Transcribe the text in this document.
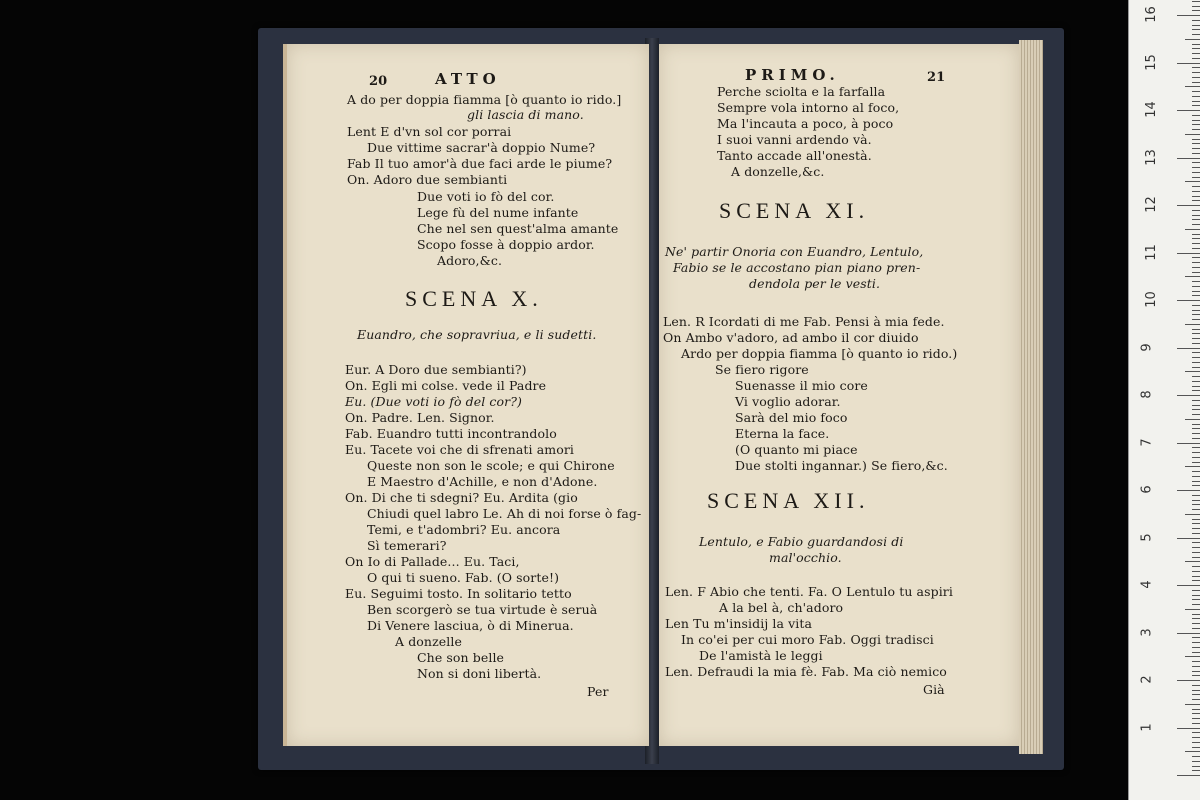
20	ATTO
A do per doppia fiamma [ò quanto io rido.]
gli lascia di mano.
Lent E d'vn sol cor porrai
Due vittime sacrar'à doppio Nume?
Fab Il tuo amor'à due faci arde le piume?
On. Adoro due sembianti
Due voti io fò del cor.
Lege fù del nume infante
Che nel sen quest'alma amante
Scopo fosse à doppio ardor.
Adoro,&c.
SCENA X.
Euandro, che sopravriua, e li sudetti.
Eur. A Doro due sembianti?)
On. Egli mi colse. vede il Padre
Eu. (Due voti io fò del cor?)
On. Padre. Len. Signor.
Fab. Euandro tutti incontrandolo
Eu. Tacete voi che di sfrenati amori
Queste non son le scole; e qui Chirone
E Maestro d'Achille, e non d'Adone.
On. Di che ti sdegni? Eu. Ardita (gio
Chiudi quel labro Le. Ah di noi forse ò fag-
Temi, e t'adombri? Eu. ancora
Sì temerari?
On Io di Pallade... Eu. Taci,
O qui ti sueno. Fab. (O sorte!)
Eu. Seguimi tosto. In solitario tetto
Ben scorgerò se tua virtude è seruà
Di Venere lasciua, ò di Minerua.
A donzelle
Che son belle
Non si doni libertà.
Per
PRIMO.	21
Perche sciolta e la farfalla
Sempre vola intorno al foco,
Ma l'incauta a poco, à poco
I suoi vanni ardendo và.
Tanto accade all'onestà.
A donzelle,&c.
SCENA XI.
Ne' partir Onoria con Euandro, Lentulo,
Fabio se le accostano pian piano pren-
dendola per le vesti.
Len. R Icordati di me Fab. Pensi à mia fede.
On Ambo v'adoro, ad ambo il cor diuido
Ardo per doppia fiamma [ò quanto io rido.)
Se fiero rigore
Suenasse il mio core
Vi voglio adorar.
Sarà del mio foco
Eterna la face.
(O quanto mi piace
Due stolti ingannar.) Se fiero,&c.
SCENA XII.
Lentulo, e Fabio guardandosi di
mal'occhio.
Len. F Abio che tenti. Fa. O Lentulo tu aspiri
A la bel à, ch'adoro
Len Tu m'insidij la vita
In co'ei per cui moro Fab. Oggi tradisci
De l'amistà le leggi
Len. Defraudi la mia fè. Fab. Ma ciò nemico
Già
1
2
3
4
5
6
7
8
9
10
11
12
13
14
15
16
